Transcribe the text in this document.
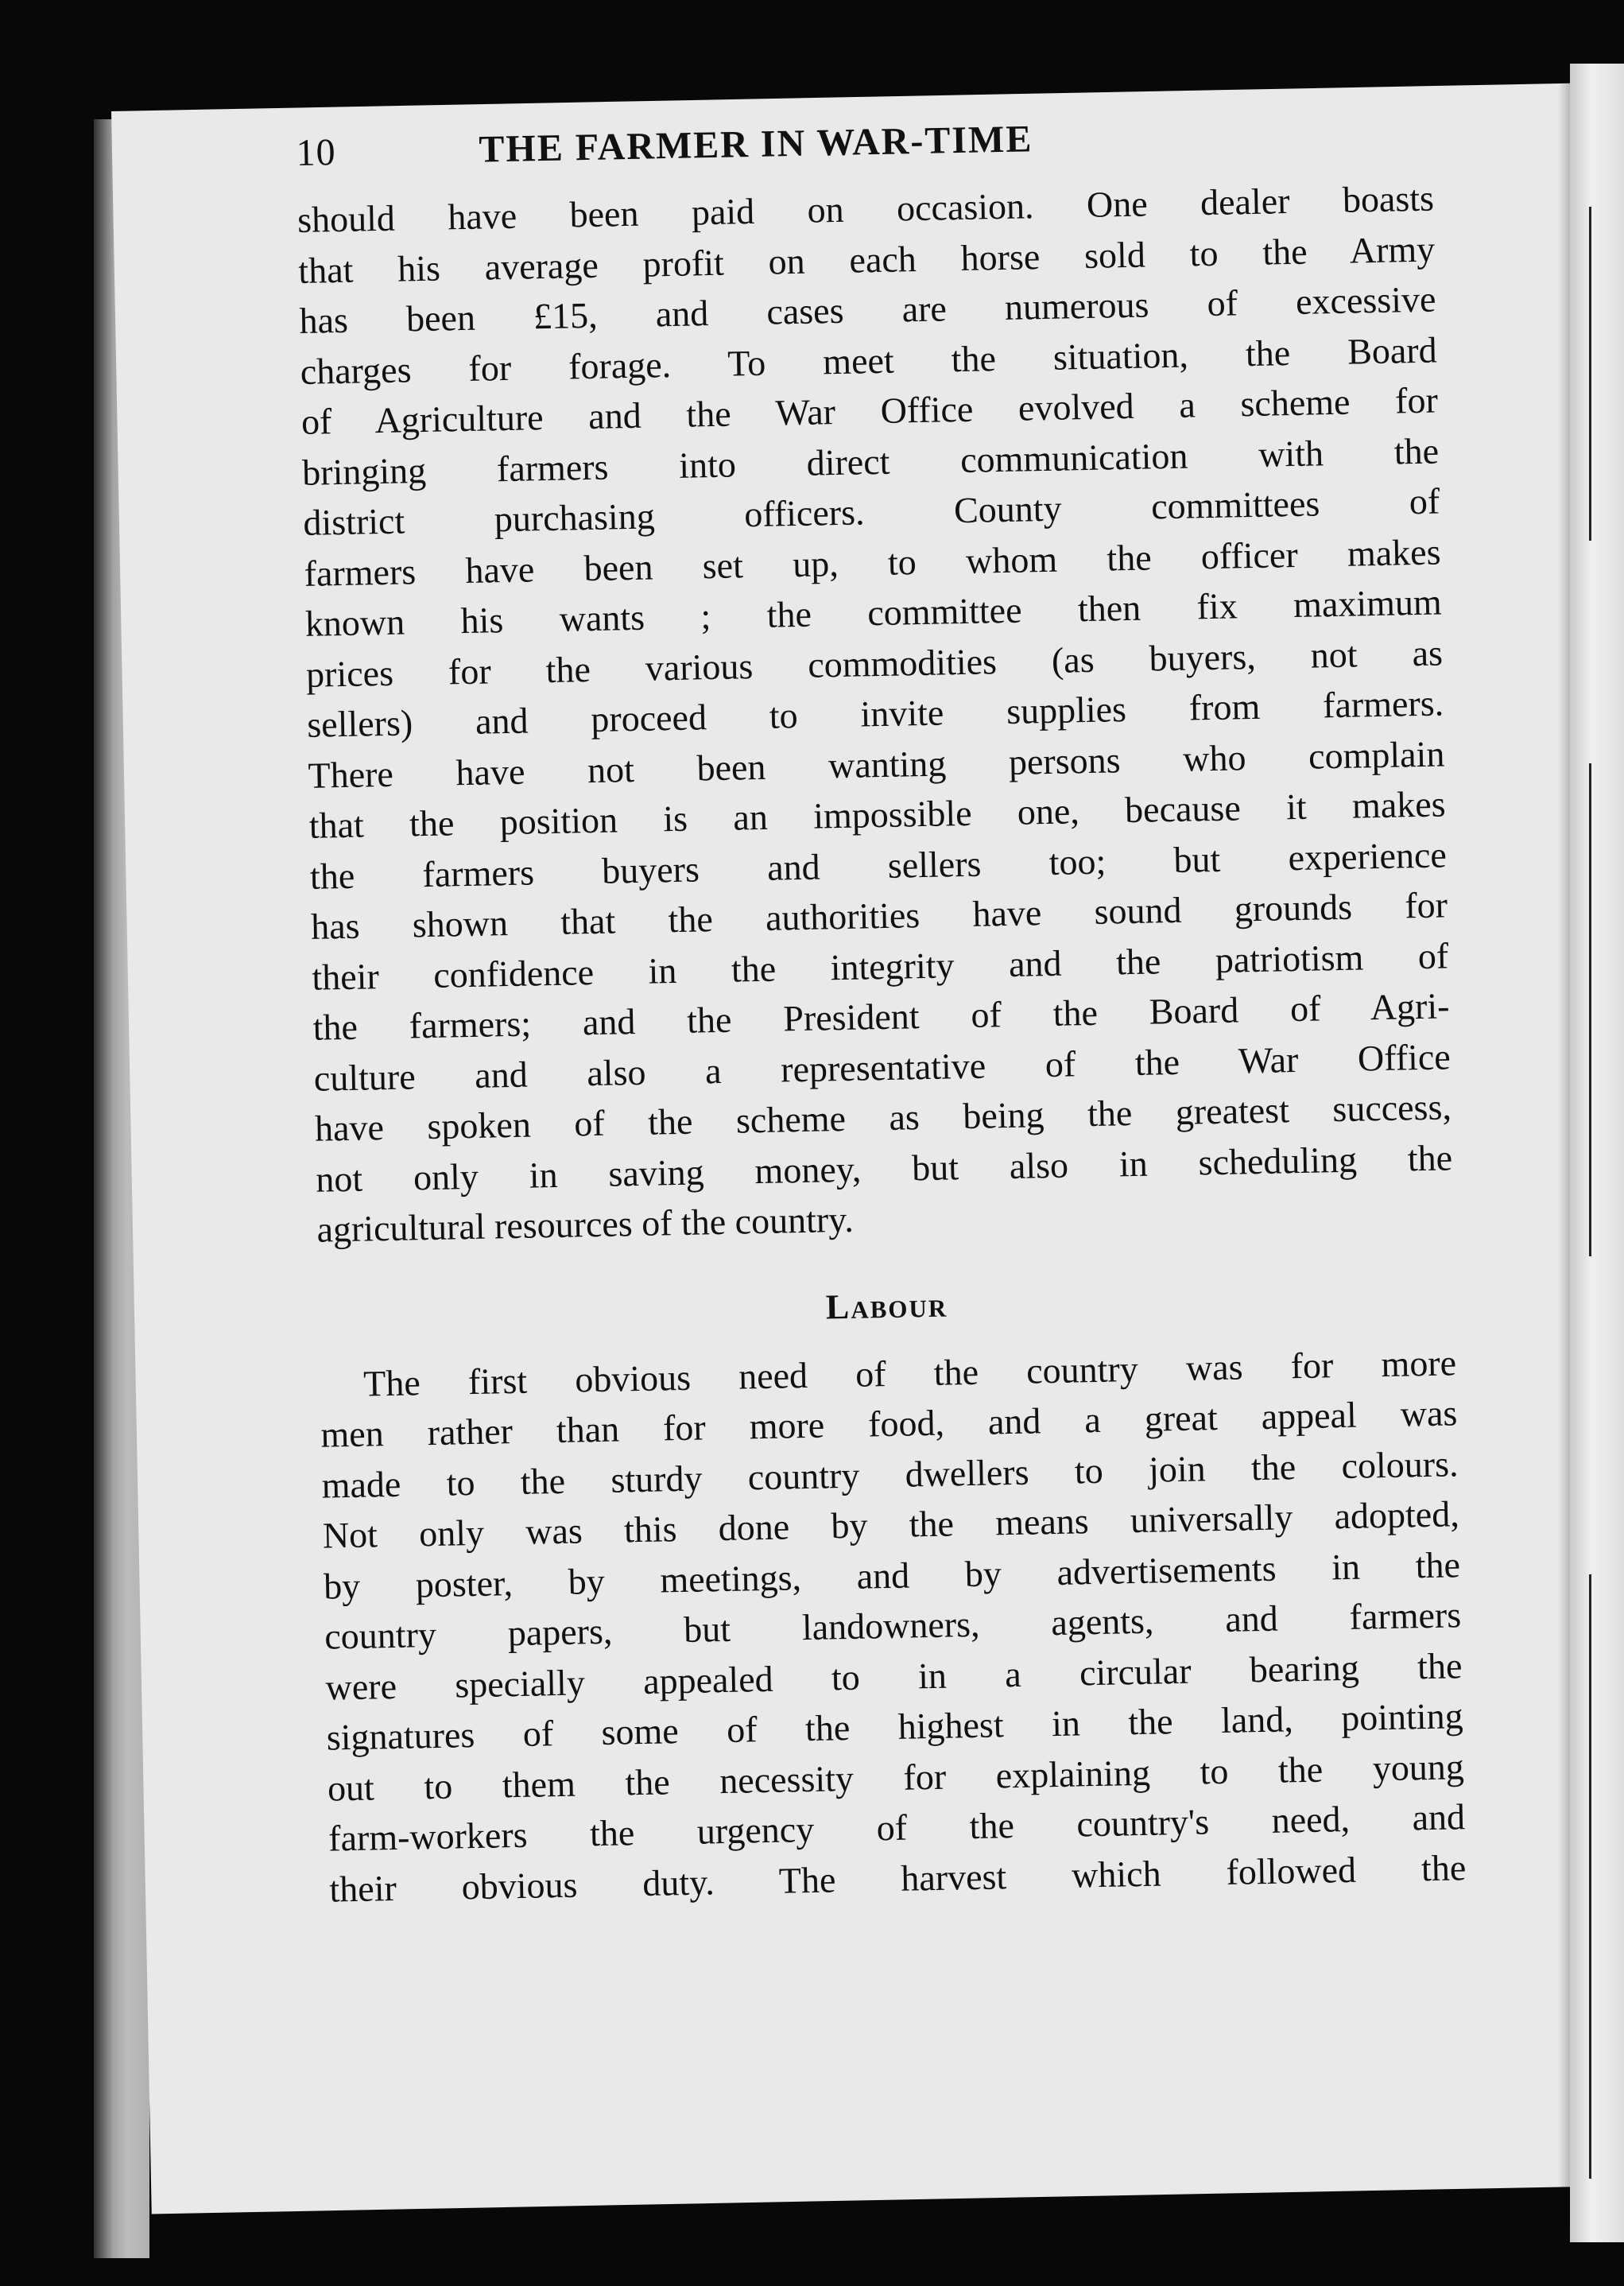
10	THE FARMER IN WAR-TIME

should have been paid on occasion. One dealer boasts
that his average profit on each horse sold to the Army
has been £15, and cases are numerous of excessive
charges for forage. To meet the situation, the Board
of Agriculture and the War Office evolved a scheme for
bringing farmers into direct communication with the
district purchasing officers. County committees of
farmers have been set up, to whom the officer makes
known his wants ; the committee then fix maximum
prices for the various commodities (as buyers, not as
sellers) and proceed to invite supplies from farmers.
There have not been wanting persons who complain
that the position is an impossible one, because it makes
the farmers buyers and sellers too; but experience
has shown that the authorities have sound grounds for
their confidence in the integrity and the patriotism of
the farmers; and the President of the Board of Agri-
culture and also a representative of the War Office
have spoken of the scheme as being the greatest success,
not only in saving money, but also in scheduling the
agricultural resources of the country.

Labour

The first obvious need of the country was for more
men rather than for more food, and a great appeal was
made to the sturdy country dwellers to join the colours.
Not only was this done by the means universally adopted,
by poster, by meetings, and by advertisements in the
country papers, but landowners, agents, and farmers
were specially appealed to in a circular bearing the
signatures of some of the highest in the land, pointing
out to them the necessity for explaining to the young
farm-workers the urgency of the country's need, and
their obvious duty. The harvest which followed the
